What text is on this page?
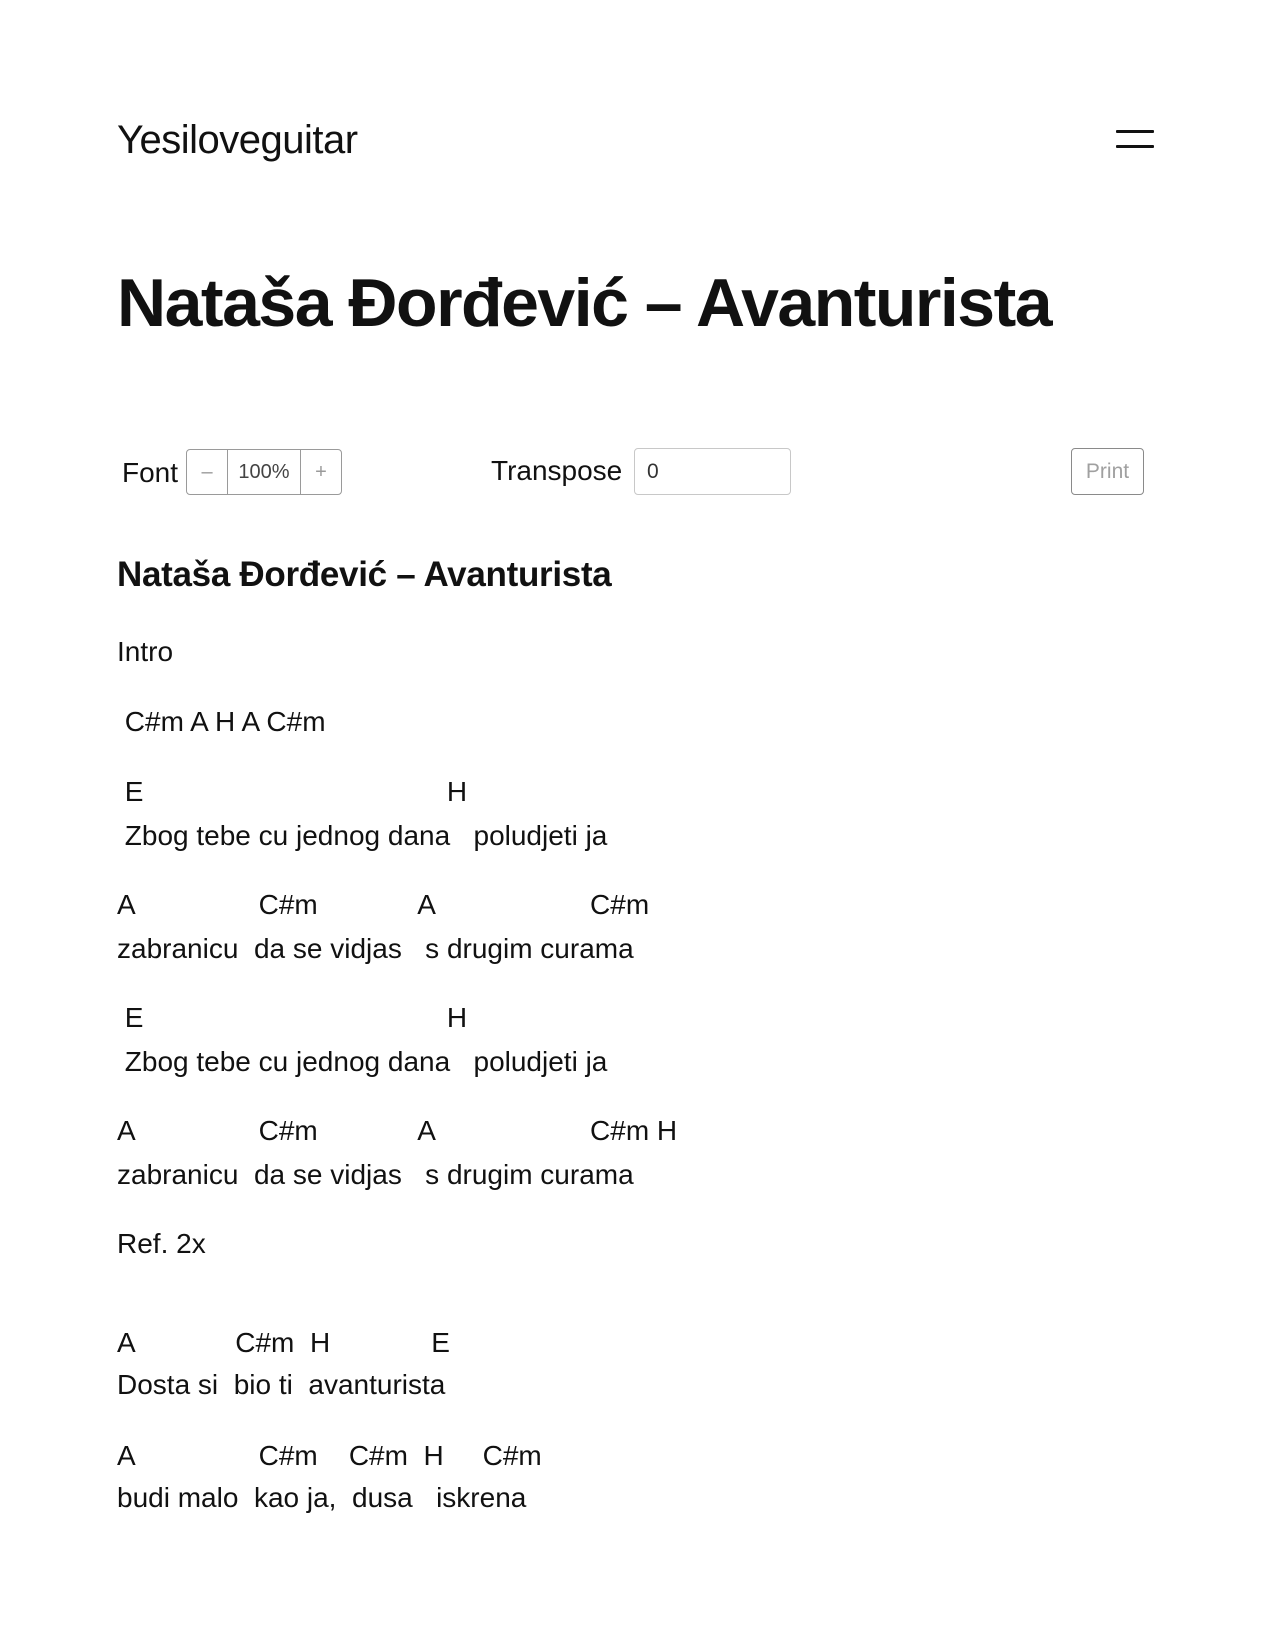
Yesiloveguitar
Nataša Đorđević – Avanturista
Font	–	100%	+	Transpose
0	Print
Nataša Đorđević – Avanturista
Intro
C#m A H A C#m
E                                       H
Zbog tebe cu jednog dana   poludjeti ja
A                C#m             A                    C#m
zabranicu  da se vidjas   s drugim curama
E                                       H
Zbog tebe cu jednog dana   poludjeti ja
A                C#m             A                    C#m H
zabranicu  da se vidjas   s drugim curama
Ref. 2x
A             C#m  H             E
Dosta si  bio ti  avanturista
A                C#m    C#m  H     C#m
budi malo  kao ja,  dusa   iskrena
